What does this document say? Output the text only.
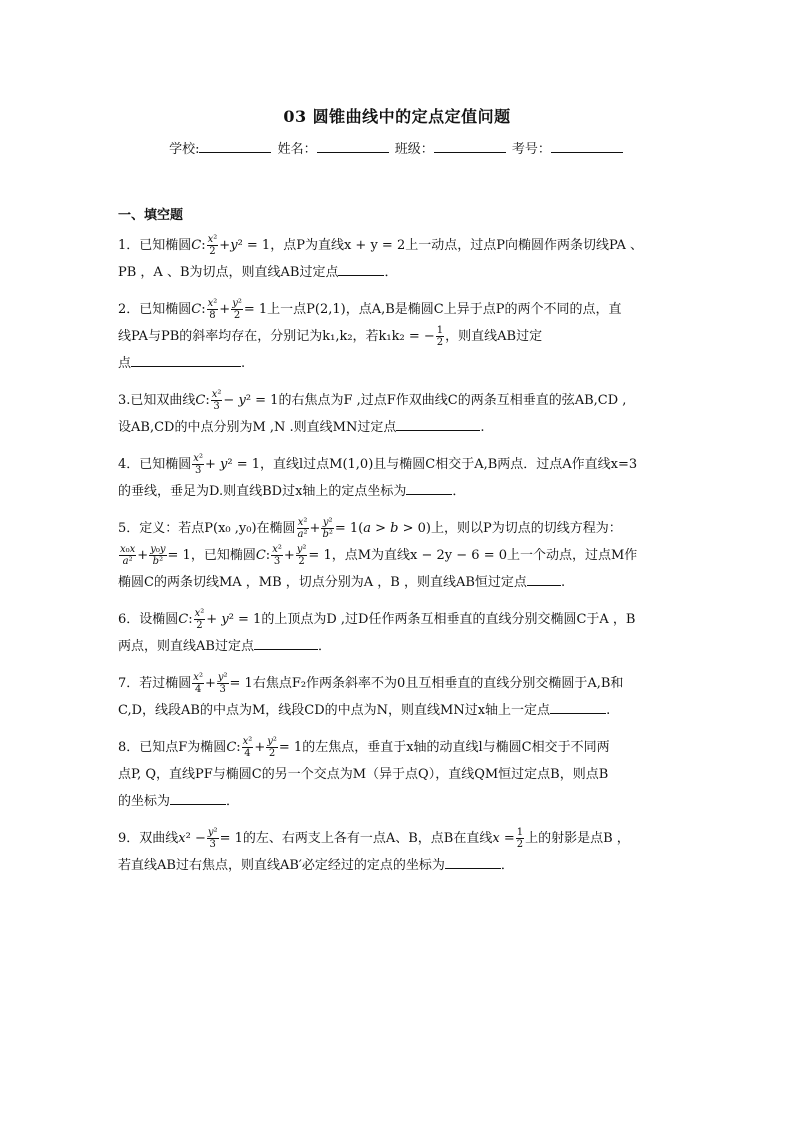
03 圆锥曲线中的定点定值问题
学校:	姓名：	班级：	考号：
一、填空题
1．已知椭圆C: $\frac{\text{x²}}{2} +y^2 = 1$，点P为直线x + y = 2上一动点，过点P向椭圆作两条切线PA 、
PB ，A 、B为切点，则直线AB过定点	．
2．已知椭圆C: $\frac{\text{x²}}{8} + \frac{\text{y²}}{2} = 1$上一点P(2,1)，点A,B是椭圆C上异于点P的两个不同的点，直
线PA与PB的斜率均存在，分别记为k₁,k₂，若k₁k₂ = − $\frac{1}{2}$ ，则直线AB过定
点	.
3.已知双曲线C: $\frac{\text{x²}}{3} - y^2 = 1$的右焦点为F ,过点F作双曲线C的两条互相垂直的弦AB,CD ,
设AB,CD的中点分别为M ,N .则直线MN过定点	.
4．已知椭圆 $\frac{\text{x²}}{3} + y^2 = 1$，直线l过点M(1,0)且与椭圆C相交于A,B两点．过点A作直线x=3
的垂线，垂足为D.则直线BD过x轴上的定点坐标为	．
5．定义：若点P(x₀ ,y₀)在椭圆 $\frac{\text{x²}}{\text{a²}} + \frac{\text{y²}}{\text{b²}} = 1(a > b > 0)$上，则以P为切点的切线方程为：

$\frac{\text{x₀x}}{\text{a²}} + \frac{\text{y₀y}}{\text{b²}} = 1$，已知椭圆C: $\frac{\text{x²}}{3} + \frac{\text{y²}}{2} = 1$，点M为直线x − 2y − 6 = 0上一个动点，过点M作
椭圆C的两条切线MA ，MB ，切点分别为A ，B ，则直线AB恒过定点	.
6．设椭圆C: $\frac{\text{x²}}{2} + y^2 = 1$的上顶点为D ,过D任作两条互相垂直的直线分别交椭圆C于A ，B
两点，则直线AB过定点	．
7．若过椭圆 $\frac{\text{x²}}{4} + \frac{\text{y²}}{3} = 1$右焦点F₂作两条斜率不为0且互相垂直的直线分别交椭圆于A,B和
C,D，线段AB的中点为M，线段CD的中点为N，则直线MN过x轴上一定点	.
8．已知点F为椭圆C: $\frac{\text{x²}}{4} + \frac{\text{y²}}{2} = 1$的左焦点，垂直于x轴的动直线l与椭圆C相交于不同两
点P, Q，直线PF与椭圆C的另一个交点为M（异于点Q），直线QM恒过定点B，则点B
的坐标为	．
9．双曲线$x^2 - \frac{\text{y²}}{3} = 1$的左、右两支上各有一点A、B，点B在直线$x = \frac{1}{2}$ 上的射影是点B ，
若直线AB过右焦点，则直线AB′必定经过的定点的坐标为	．
